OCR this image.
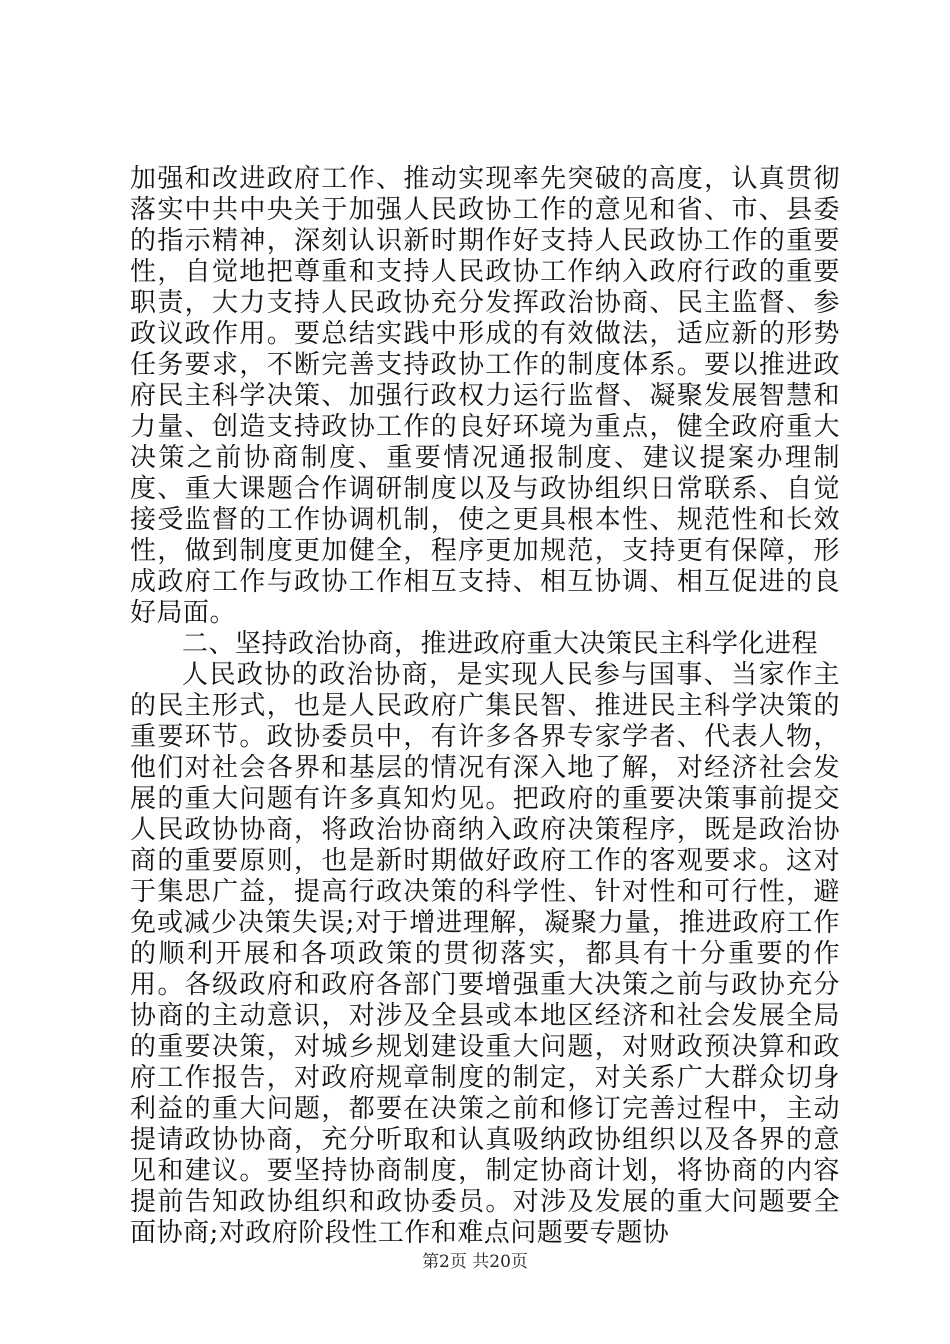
加强和改进政府工作、推动实现率先突破的高度，认真贯彻落实中共中央关于加强人民政协工作的意见和省、市、县委的指示精神，深刻认识新时期作好支持人民政协工作的重要性，自觉地把尊重和支持人民政协工作纳入政府行政的重要职责，大力支持人民政协充分发挥政治协商、民主监督、参政议政作用。要总结实践中形成的有效做法，适应新的形势任务要求，不断完善支持政协工作的制度体系。要以推进政府民主科学决策、加强行政权力运行监督、凝聚发展智慧和力量、创造支持政协工作的良好环境为重点，健全政府重大决策之前协商制度、重要情况通报制度、建议提案办理制度、重大课题合作调研制度以及与政协组织日常联系、自觉接受监督的工作协调机制，使之更具根本性、规范性和长效性，做到制度更加健全，程序更加规范，支持更有保障，形成政府工作与政协工作相互支持、相互协调、相互促进的良好局面。

二、坚持政治协商，推进政府重大决策民主科学化进程

人民政协的政治协商，是实现人民参与国事、当家作主的民主形式，也是人民政府广集民智、推进民主科学决策的重要环节。政协委员中，有许多各界专家学者、代表人物，他们对社会各界和基层的情况有深入地了解，对经济社会发展的重大问题有许多真知灼见。把政府的重要决策事前提交人民政协协商，将政治协商纳入政府决策程序，既是政治协商的重要原则，也是新时期做好政府工作的客观要求。这对于集思广益，提高行政决策的科学性、针对性和可行性，避免或减少决策失误;对于增进理解，凝聚力量，推进政府工作的顺利开展和各项政策的贯彻落实，都具有十分重要的作用。各级政府和政府各部门要增强重大决策之前与政协充分协商的主动意识，对涉及全县或本地区经济和社会发展全局的重要决策，对城乡规划建设重大问题，对财政预决算和政府工作报告，对政府规章制度的制定，对关系广大群众切身利益的重大问题，都要在决策之前和修订完善过程中，主动提请政协协商，充分听取和认真吸纳政协组织以及各界的意见和建议。要坚持协商制度，制定协商计划，将协商的内容提前告知政协组织和政协委员。对涉及发展的重大问题要全面协商;对政府阶段性工作和难点问题要专题协

第2页 共20页
